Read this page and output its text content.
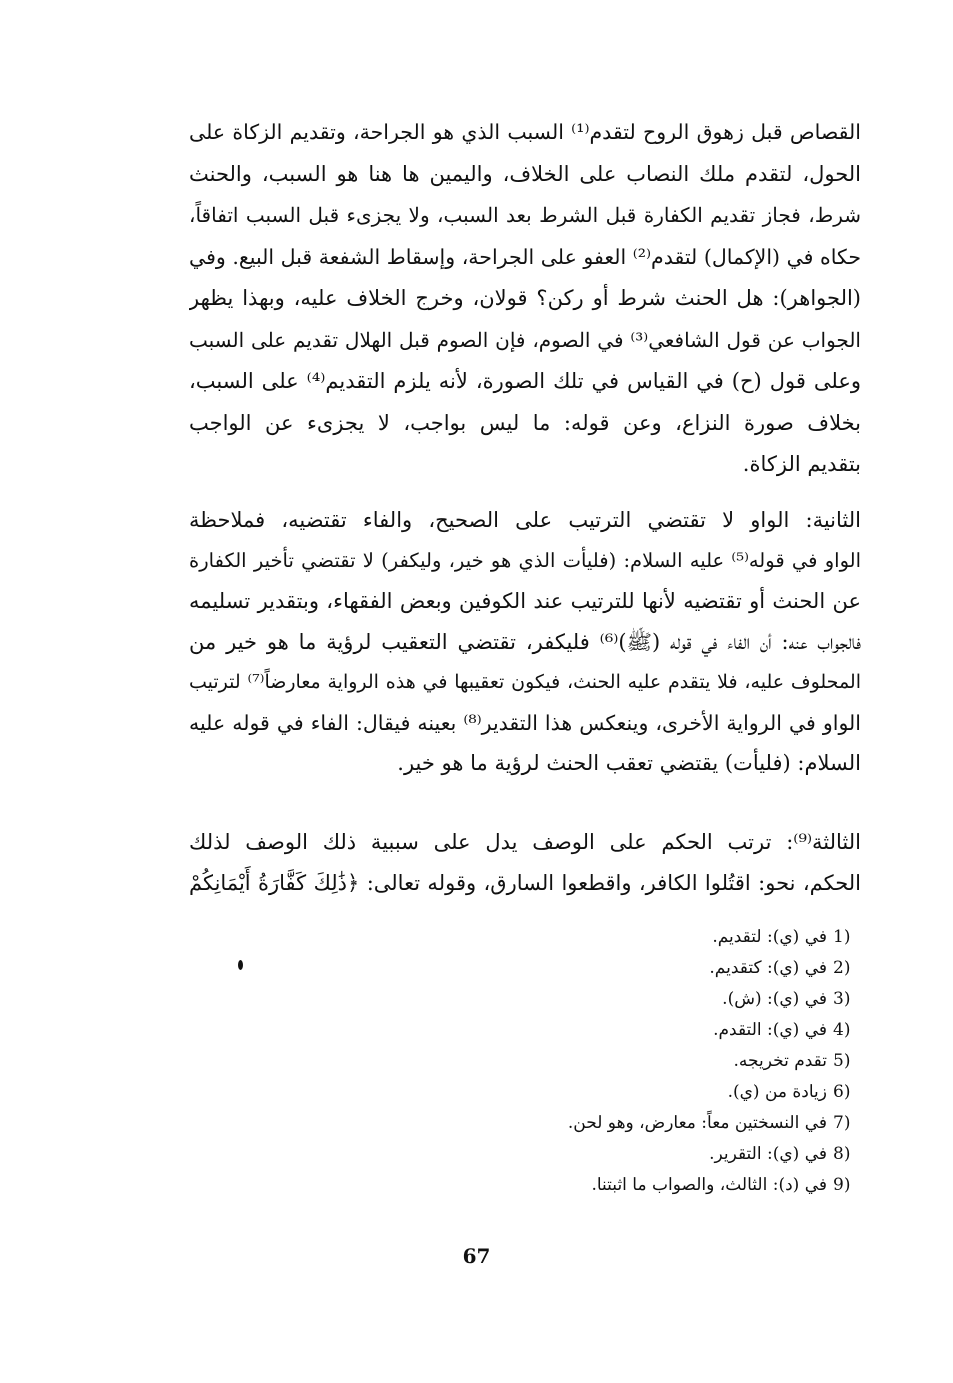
القصاص قبل زهوق الروح لتقدم⁽¹⁾ السبب الذي هو الجراحة، وتقديم الزكاة على
الحول، لتقدم ملك النصاب على الخلاف، واليمين ها هنا هو السبب، والحنث
شرط، فجاز تقديم الكفارة قبل الشرط بعد السبب، ولا يجزىء قبل السبب اتفاقاً،
حكاه في (الإكمال) لتقدم⁽²⁾ العفو على الجراحة، وإسقاط الشفعة قبل البيع. وفي
(الجواهر): هل الحنث شرط أو ركن؟ قولان، وخرج الخلاف عليه، وبهذا يظهر
الجواب عن قول الشافعي⁽³⁾ في الصوم، فإن الصوم قبل الهلال تقديم على السبب
وعلى قول (ح) في القياس في تلك الصورة، لأنه يلزم التقديم⁽⁴⁾ على السبب،
بخلاف صورة النزاع، وعن قوله: ما ليس بواجب، لا يجزىء عن الواجب
بتقديم الزكاة.
الثانية: الواو لا تقتضي الترتيب على الصحيح، والفاء تقتضيه، فملاحظة
الواو في قوله⁽⁵⁾ عليه السلام: (فليأت الذي هو خير، وليكفر) لا تقتضي تأخير الكفارة
عن الحنث أو تقتضيه لأنها للترتيب عند الكوفين وبعض الفقهاء، وبتقدير تسليمه
فالجواب عنه: أن الفاء في قوله (ﷺ)⁽⁶⁾ فليكفر، تقتضي التعقيب لرؤية ما هو خير من
المحلوف عليه، فلا يتقدم عليه الحنث، فيكون تعقيبها في هذه الرواية معارضاً⁽⁷⁾ لترتيب
الواو في الرواية الأخرى، وينعكس هذا التقدير⁽⁸⁾ بعينه فيقال: الفاء في قوله عليه
السلام: (فليأت) يقتضي تعقب الحنث لرؤية ما هو خير.
الثالثة⁽⁹⁾: ترتب الحكم على الوصف يدل على سببية ذلك الوصف لذلك
الحكم، نحو: اقتُلوا الكافر، واقطعوا السارق، وقوله تعالى: ﴿ذَٰلِكَ كَفَّارَةُ أَيْمَانِكُمْ
1)
في (ي): لتقديم.
2)
في (ي): كتقديم.
3)
في (ي): (ش).
4)
في (ي): التقدم.
5)
تقدم تخريجه.
6)
زيادة من (ي).
7)
في النسختين معاً: معارض، وهو لحن.
8)
في (ي): التقرير.
9)
في (د): الثالث، والصواب ما اثبتنا.
67
